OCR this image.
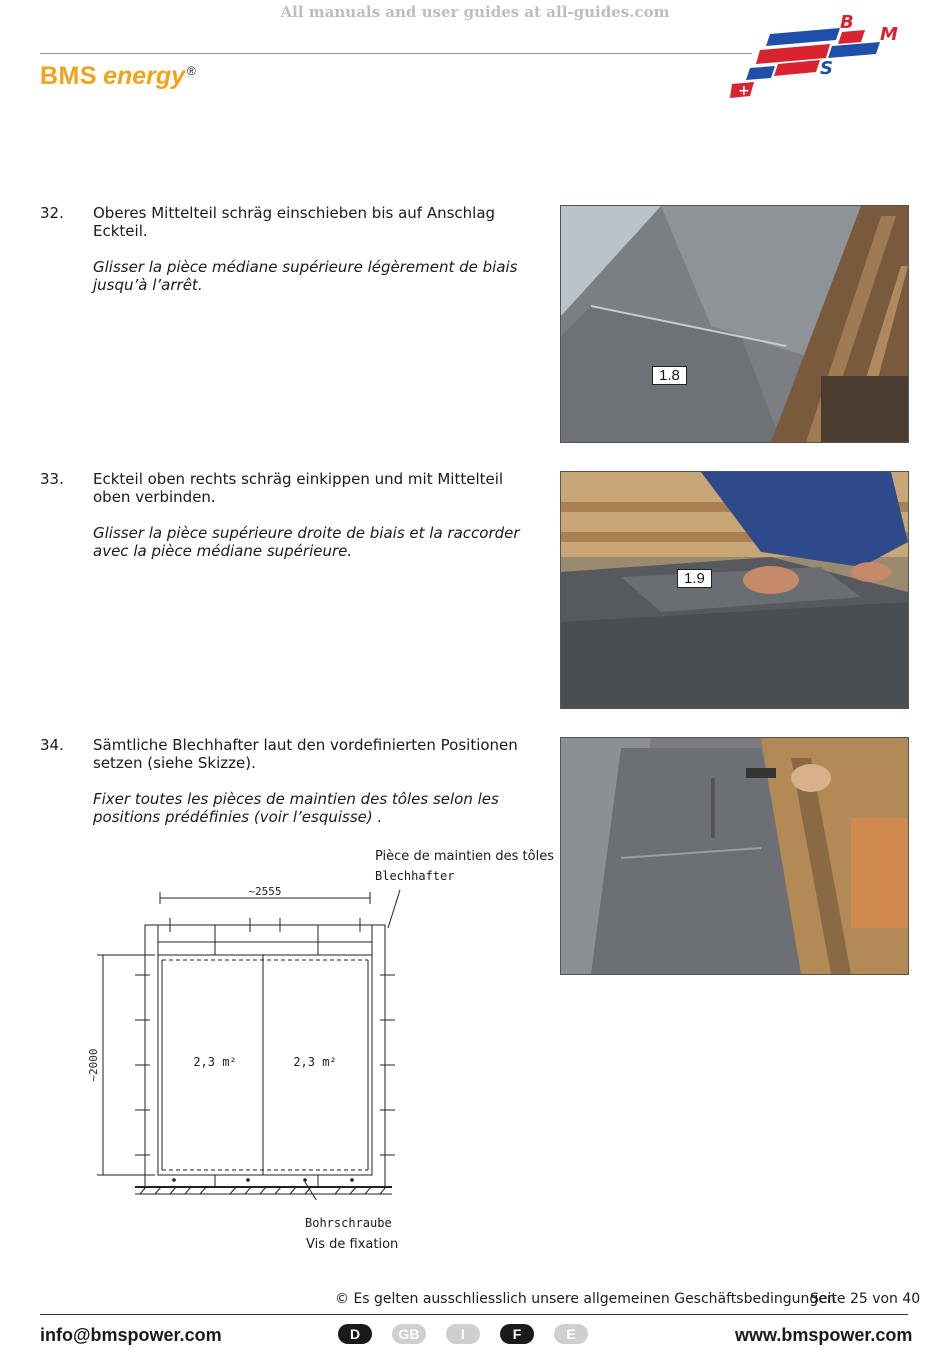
All manuals and user guides at all-guides.com
BMS energy ®
+
B
M
S
32. Oberes Mittelteil schräg einschieben bis auf Anschlag Eckteil.
Glisser la pièce médiane supérieure légèrement de biais jusqu’à l’arrêt.
1.8
33. Eckteil oben rechts schräg einkippen und mit Mittelteil oben verbinden.
Glisser la pièce supérieure droite de biais et la raccorder avec la pièce médiane supérieure.
1.9
34. Sämtliche Blechhafter laut den vordefinierten Positionen setzen (siehe Skizze).
Fixer toutes les pièces de maintien des tôles selon les positions prédéfinies (voir l’esquisse) .
Pièce de maintien des tôles
Blechhafter
~2555
~2000	2,3 m²	2,3 m²
Bohrschraube
Vis de fixation
© Es gelten ausschliesslich unsere allgemeinen Geschäftsbedingungen
Seite 25 von 40
info@bmspower.com	D	GB	I	F	E	www.bmspower.com
